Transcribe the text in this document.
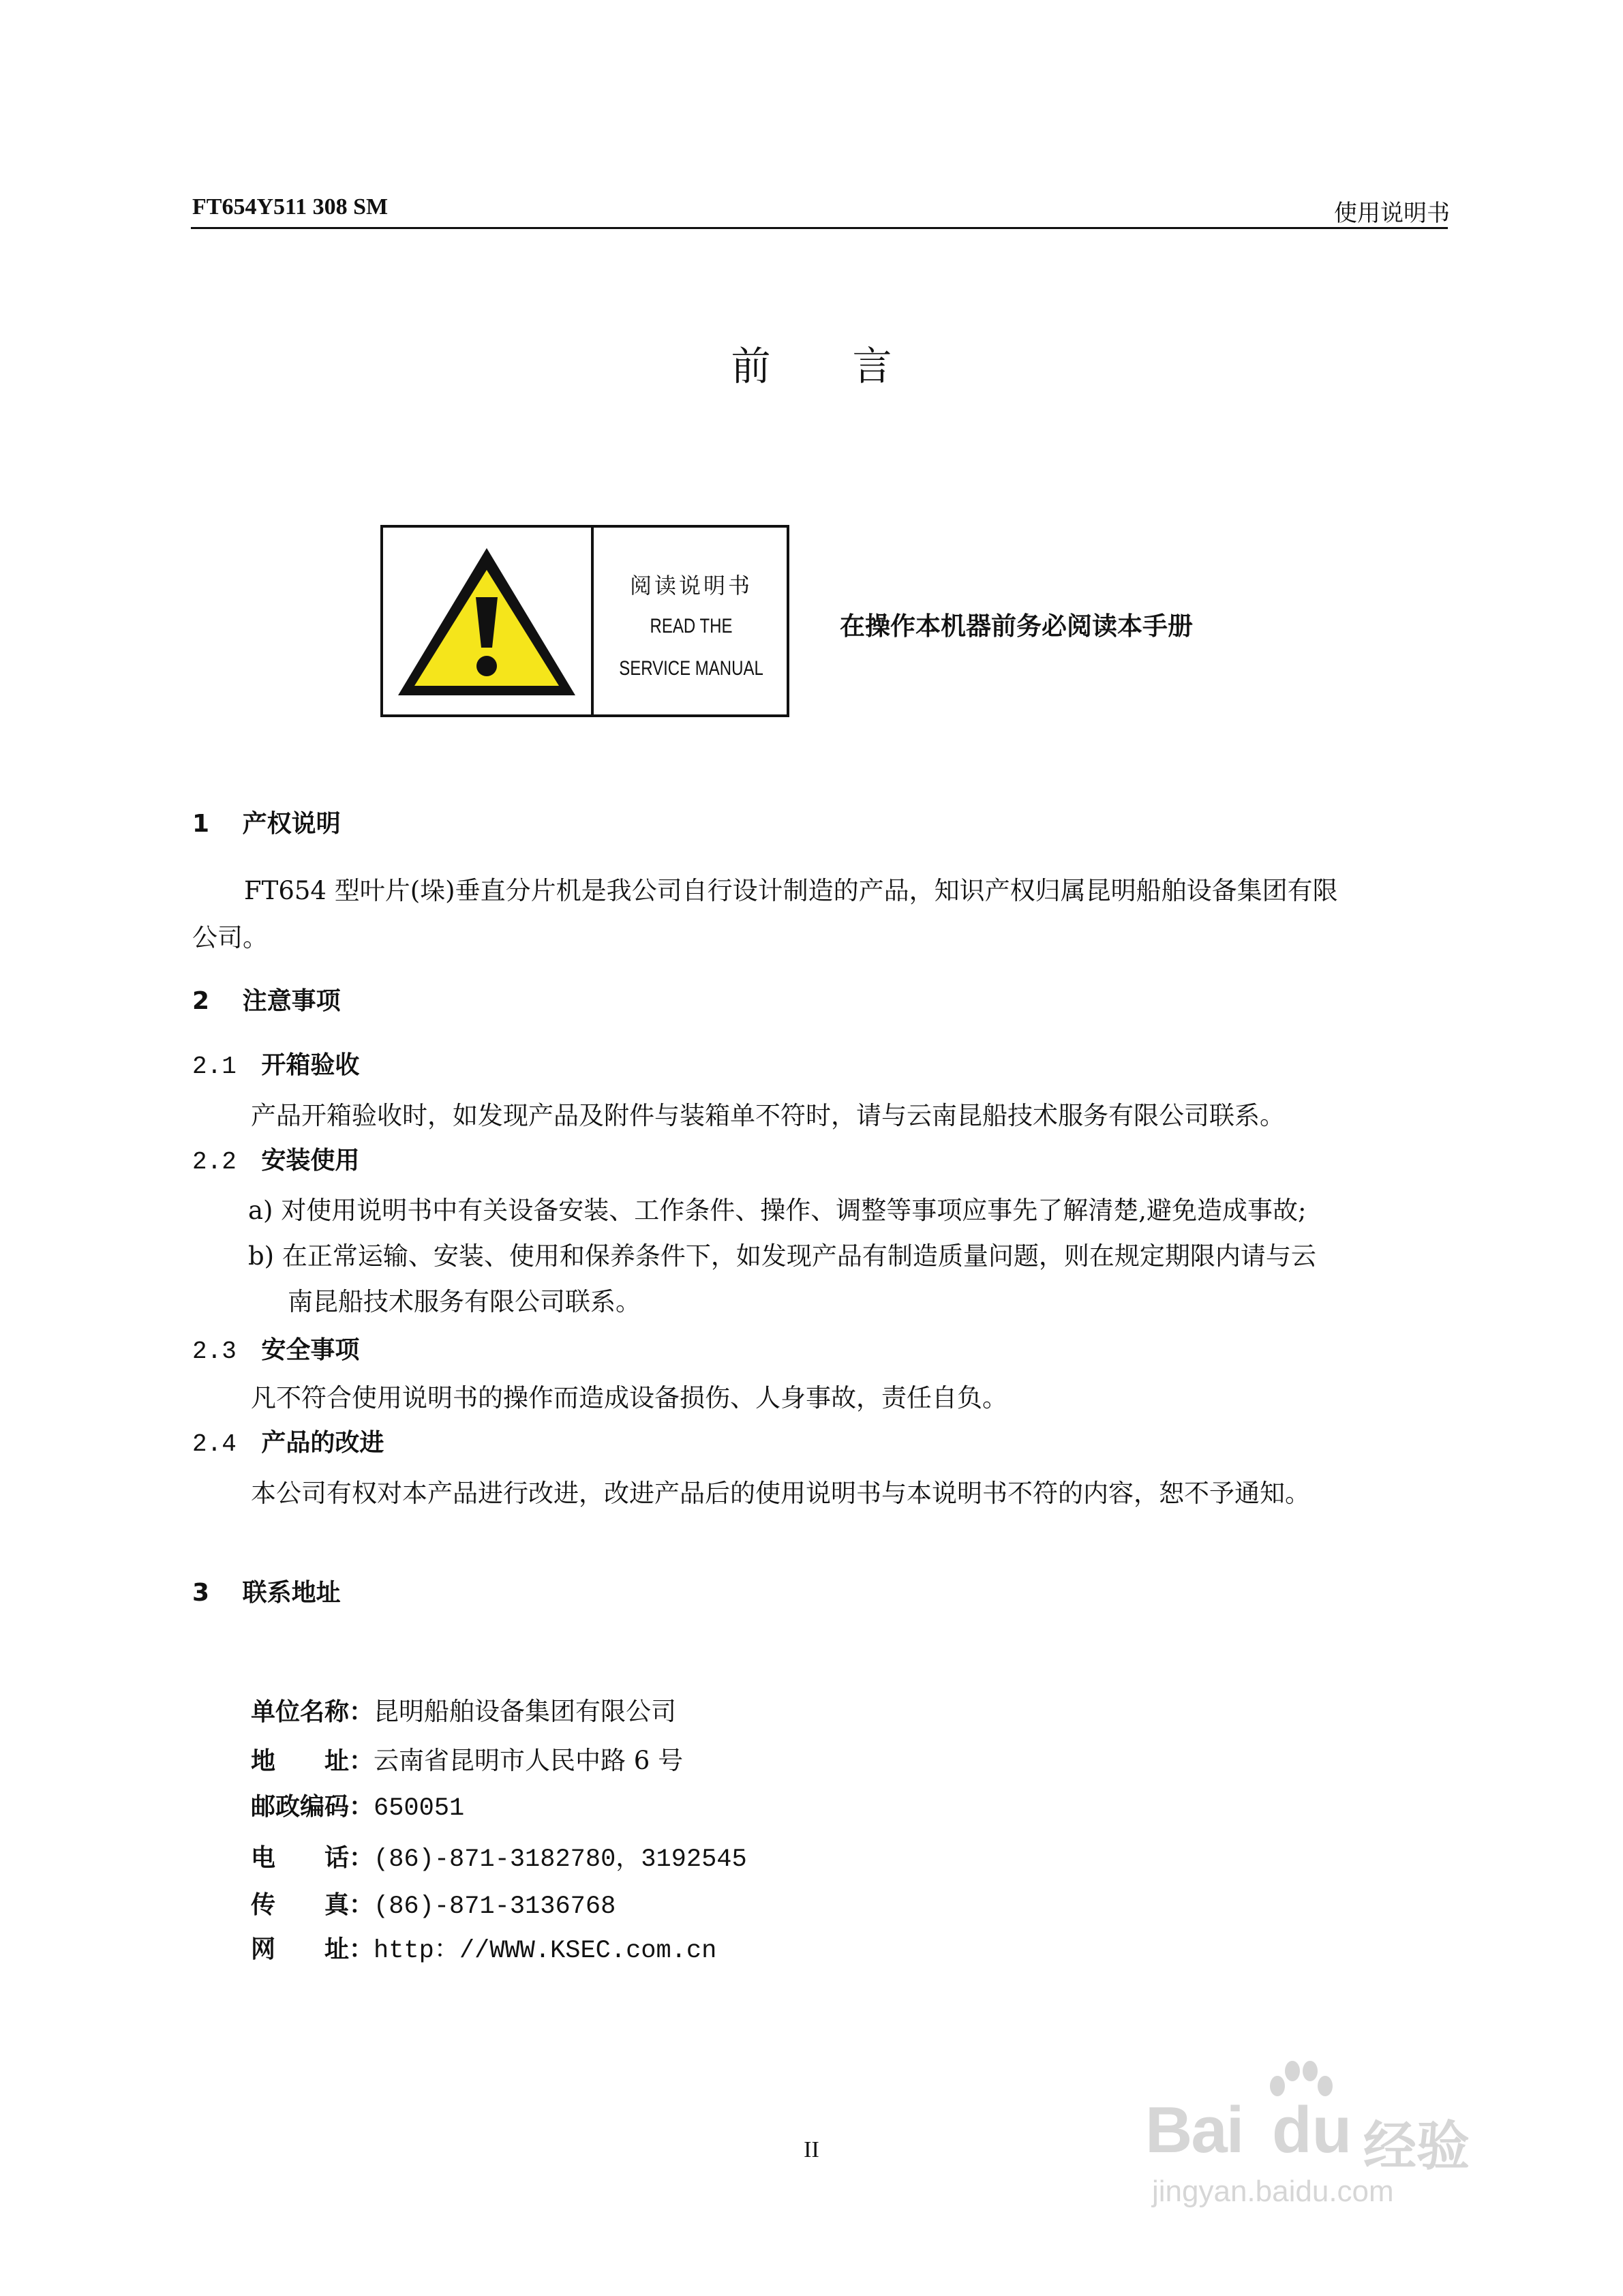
FT654Y511 308 SM	使用说明书
前言
阅读说明书
READ THE
SERVICE MANUAL
在操作本机器前务必阅读本手册
1 产权说明
FT654 型叶片(垛)垂直分片机是我公司自行设计制造的产品，知识产权归属昆明船舶设备集团有限
公司。
2 注意事项
2.1 开箱验收
产品开箱验收时，如发现产品及附件与装箱单不符时，请与云南昆船技术服务有限公司联系。
2.2 安装使用
a) 对使用说明书中有关设备安装、工作条件、操作、调整等事项应事先了解清楚,避免造成事故;
b) 在正常运输、安装、使用和保养条件下，如发现产品有制造质量问题，则在规定期限内请与云
南昆船技术服务有限公司联系。
2.3 安全事项
凡不符合使用说明书的操作而造成设备损伤、人身事故，责任自负。
2.4 产品的改进
本公司有权对本产品进行改进，改进产品后的使用说明书与本说明书不符的内容，恕不予通知。
3 联系地址
单位名称：昆明船舶设备集团有限公司
地　　址：云南省昆明市人民中路 6 号
邮政编码：650051
电　　话：(86)-871-3182780，3192545
传　　真：(86)-871-3136768
网　　址：http：//WWW.KSEC.com.cn
II	Bai du 经验
jingyan.baidu.com
